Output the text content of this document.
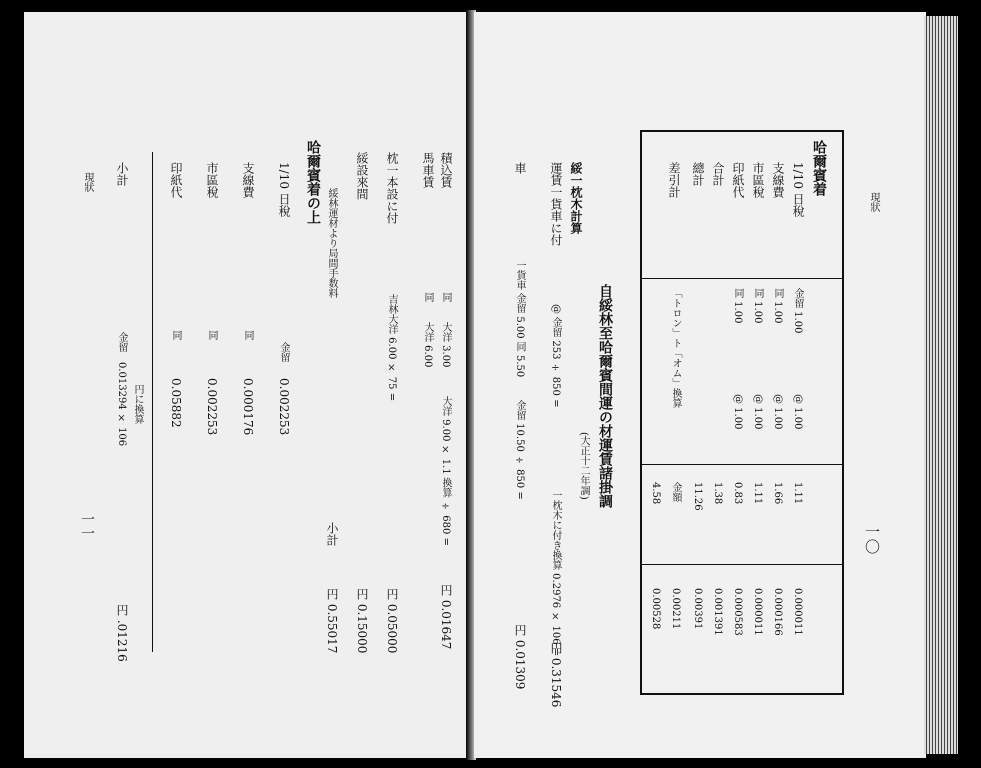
一一
現狀	哈爾賓着の上
1/10 日稅
金留
0.002253
支線費
同
0.000176
市區稅
同
0.002253
印紙代
同
0.05882
円に換算
金留
0.013294 × 106
小計
円 .01216
一〇
現狀
哈爾賓着
1/10 日稅
金留 1.00
@ 1.00
1.11
0.000011
支線費
同 1.00
@ 1.00
1.66
0.000166
市區稅
同 1.00
@ 1.00
1.11
0.000011
印紙代
同 1.00
@ 1.00
0.83
0.000583
合計
1.38
0.001391
總計
11.26
0.00391
差引計
「トロン」ト「オム」換算
金額
0.00211
4.58
0.00528
自綏林至哈爾賓間運の材運賃諸掛調
(大正十二年調)
綏一枕木計算
運賃一貨車に付
@ 金留 253 ÷ 850 =
一枕木に付き換算 0.2976 × 106 =
円 0.31546
車
一貨車 金留 5.00 同 5.50
金留 10.50 ÷ 850 =
円 0.01309
積込賃
同
大洋 3.00
馬車賃
同
大洋 6.00
大洋 9.00 × 1.1 換算 ÷ 680 =
円 0.01647
枕一本設に付
吉林大洋 6.00 × 75 =
円 0.05000
綏設來間
円 0.15000
綏林運材より局間手数料
小計
円 0.55017
